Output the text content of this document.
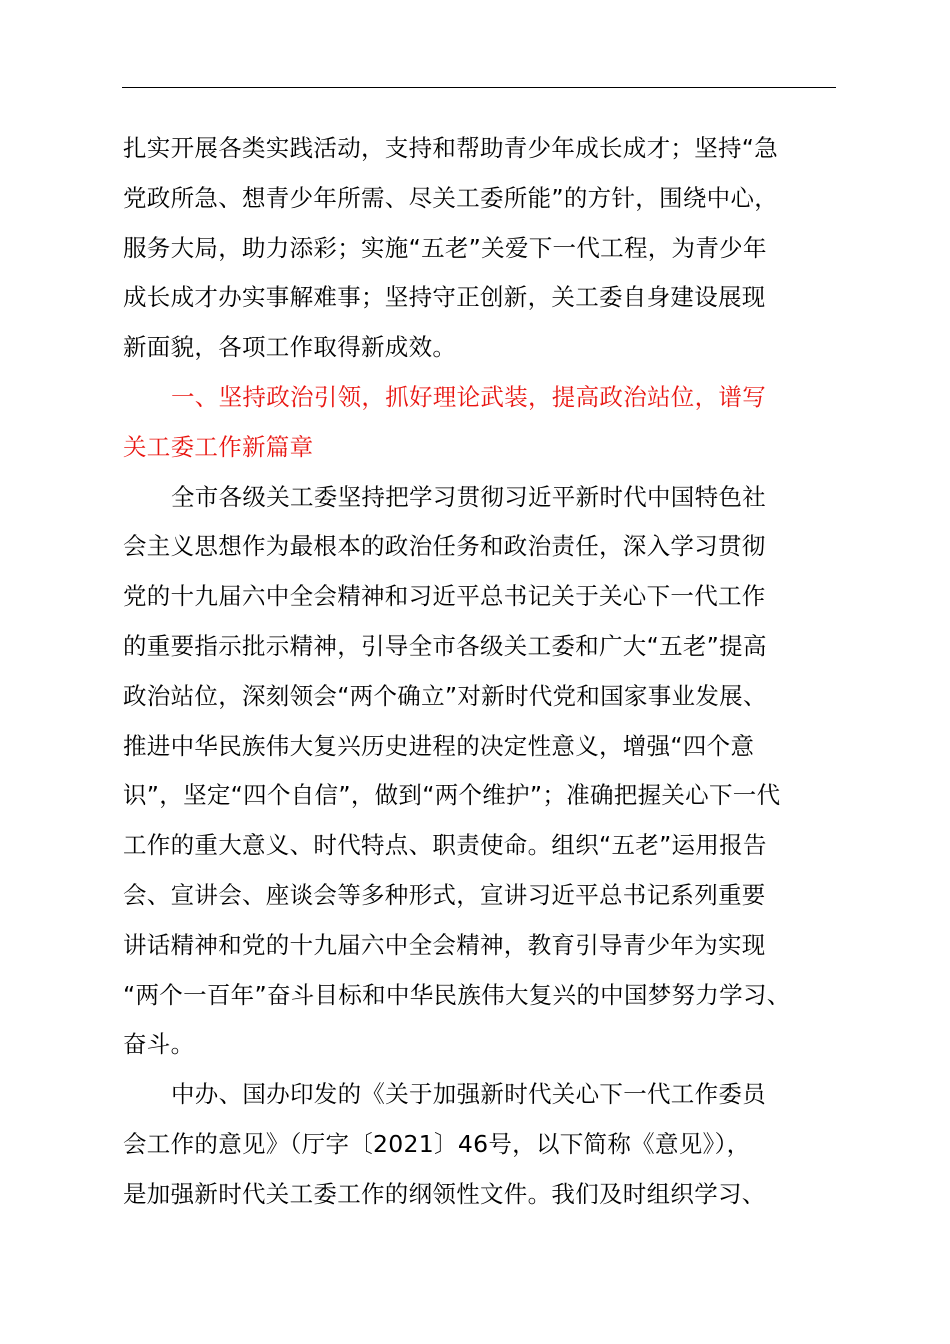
扎实开展各类实践活动，支持和帮助青少年成长成才；坚持“急
党政所急、想青少年所需、尽关工委所能”的方针，围绕中心，
服务大局，助力添彩；实施“五老”关爱下一代工程，为青少年
成长成才办实事解难事；坚持守正创新，关工委自身建设展现
新面貌，各项工作取得新成效。
一、坚持政治引领，抓好理论武装，提高政治站位，谱写
关工委工作新篇章
全市各级关工委坚持把学习贯彻习近平新时代中国特色社
会主义思想作为最根本的政治任务和政治责任，深入学习贯彻
党的十九届六中全会精神和习近平总书记关于关心下一代工作
的重要指示批示精神，引导全市各级关工委和广大“五老”提高
政治站位，深刻领会“两个确立”对新时代党和国家事业发展、
推进中华民族伟大复兴历史进程的决定性意义，增强“四个意
识”，坚定“四个自信”，做到“两个维护”；准确把握关心下一代
工作的重大意义、时代特点、职责使命。组织“五老”运用报告
会、宣讲会、座谈会等多种形式，宣讲习近平总书记系列重要
讲话精神和党的十九届六中全会精神，教育引导青少年为实现
“两个一百年”奋斗目标和中华民族伟大复兴的中国梦努力学习、
奋斗。
中办、国办印发的《关于加强新时代关心下一代工作委员
会工作的意见》（厅字〔2021〕46号，以下简称《意见》），
是加强新时代关工委工作的纲领性文件。我们及时组织学习、
